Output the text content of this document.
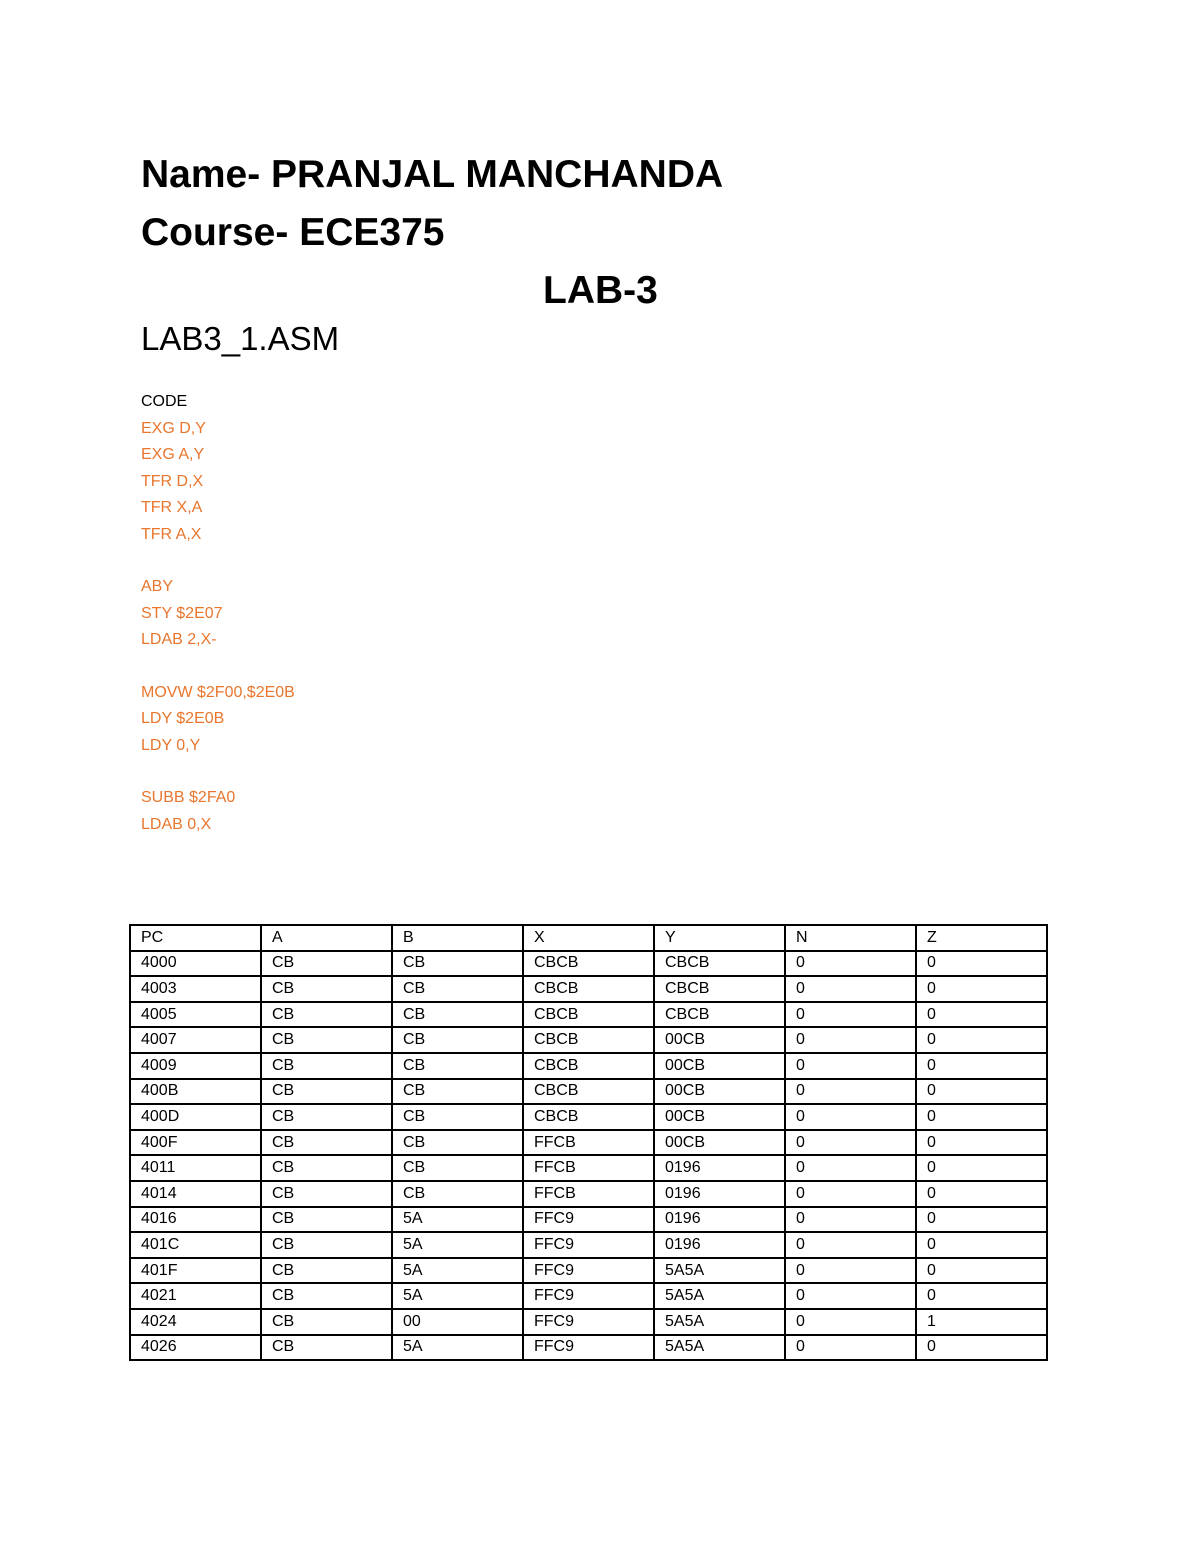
Name- PRANJAL MANCHANDA
Course- ECE375
LAB-3
LAB3_1.ASM
CODE
EXG D,Y
EXG A,Y
TFR D,X
TFR X,A
TFR A,X
ABY
STY $2E07
LDAB 2,X-
MOVW $2F00,$2E0B
LDY $2E0B
LDY 0,Y
SUBB $2FA0
LDAB 0,X
PC	A	B	X	Y	N	Z
4000	CB	CB	CBCB	CBCB	0	0
4003	CB	CB	CBCB	CBCB	0	0
4005	CB	CB	CBCB	CBCB	0	0
4007	CB	CB	CBCB	00CB	0	0
4009	CB	CB	CBCB	00CB	0	0
400B	CB	CB	CBCB	00CB	0	0
400D	CB	CB	CBCB	00CB	0	0
400F	CB	CB	FFCB	00CB	0	0
4011	CB	CB	FFCB	0196	0	0
4014	CB	CB	FFCB	0196	0	0
4016	CB	5A	FFC9	0196	0	0
401C	CB	5A	FFC9	0196	0	0
401F	CB	5A	FFC9	5A5A	0	0
4021	CB	5A	FFC9	5A5A	0	0
4024	CB	00	FFC9	5A5A	0	1
4026	CB	5A	FFC9	5A5A	0	0
